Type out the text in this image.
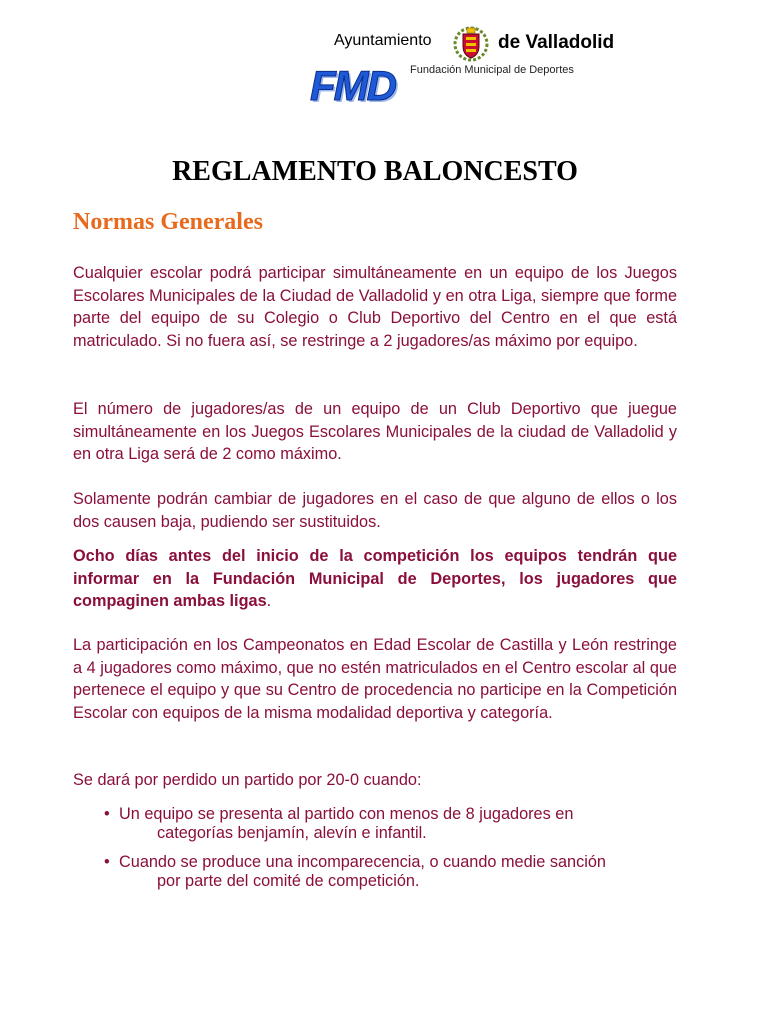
Ayuntamiento	de Valladolid
FMD Fundación Municipal de Deportes
REGLAMENTO BALONCESTO
Normas Generales

Cualquier escolar podrá participar simultáneamente en un equipo de los Juegos Escolares Municipales de la Ciudad de Valladolid y en otra Liga, siempre que forme parte del equipo de su Colegio o Club Deportivo del Centro en el que está matriculado. Si no fuera así, se restringe a 2 jugadores/as máximo por equipo.

El número de jugadores/as de un equipo de un Club Deportivo que juegue simultáneamente en los Juegos Escolares Municipales de la ciudad de Valladolid y en otra Liga será de 2 como máximo.

Solamente podrán cambiar de jugadores en el caso de que alguno de ellos o los dos causen baja, pudiendo ser sustituidos.

Ocho días antes del inicio de la competición los equipos tendrán que informar en la Fundación Municipal de Deportes, los jugadores que compaginen ambas ligas.

La participación en los Campeonatos en Edad Escolar de Castilla y León restringe a 4 jugadores como máximo, que no estén matriculados en el Centro escolar al que pertenece el equipo y que su Centro de procedencia no participe en la Competición Escolar con equipos de la misma modalidad deportiva y categoría.

Se dará por perdido un partido por 20-0 cuando:

• Un equipo se presenta al partido con menos de 8 jugadores en
categorías benjamín, alevín e infantil.
• Cuando se produce una incomparecencia, o cuando medie sanción
por parte del comité de competición.
